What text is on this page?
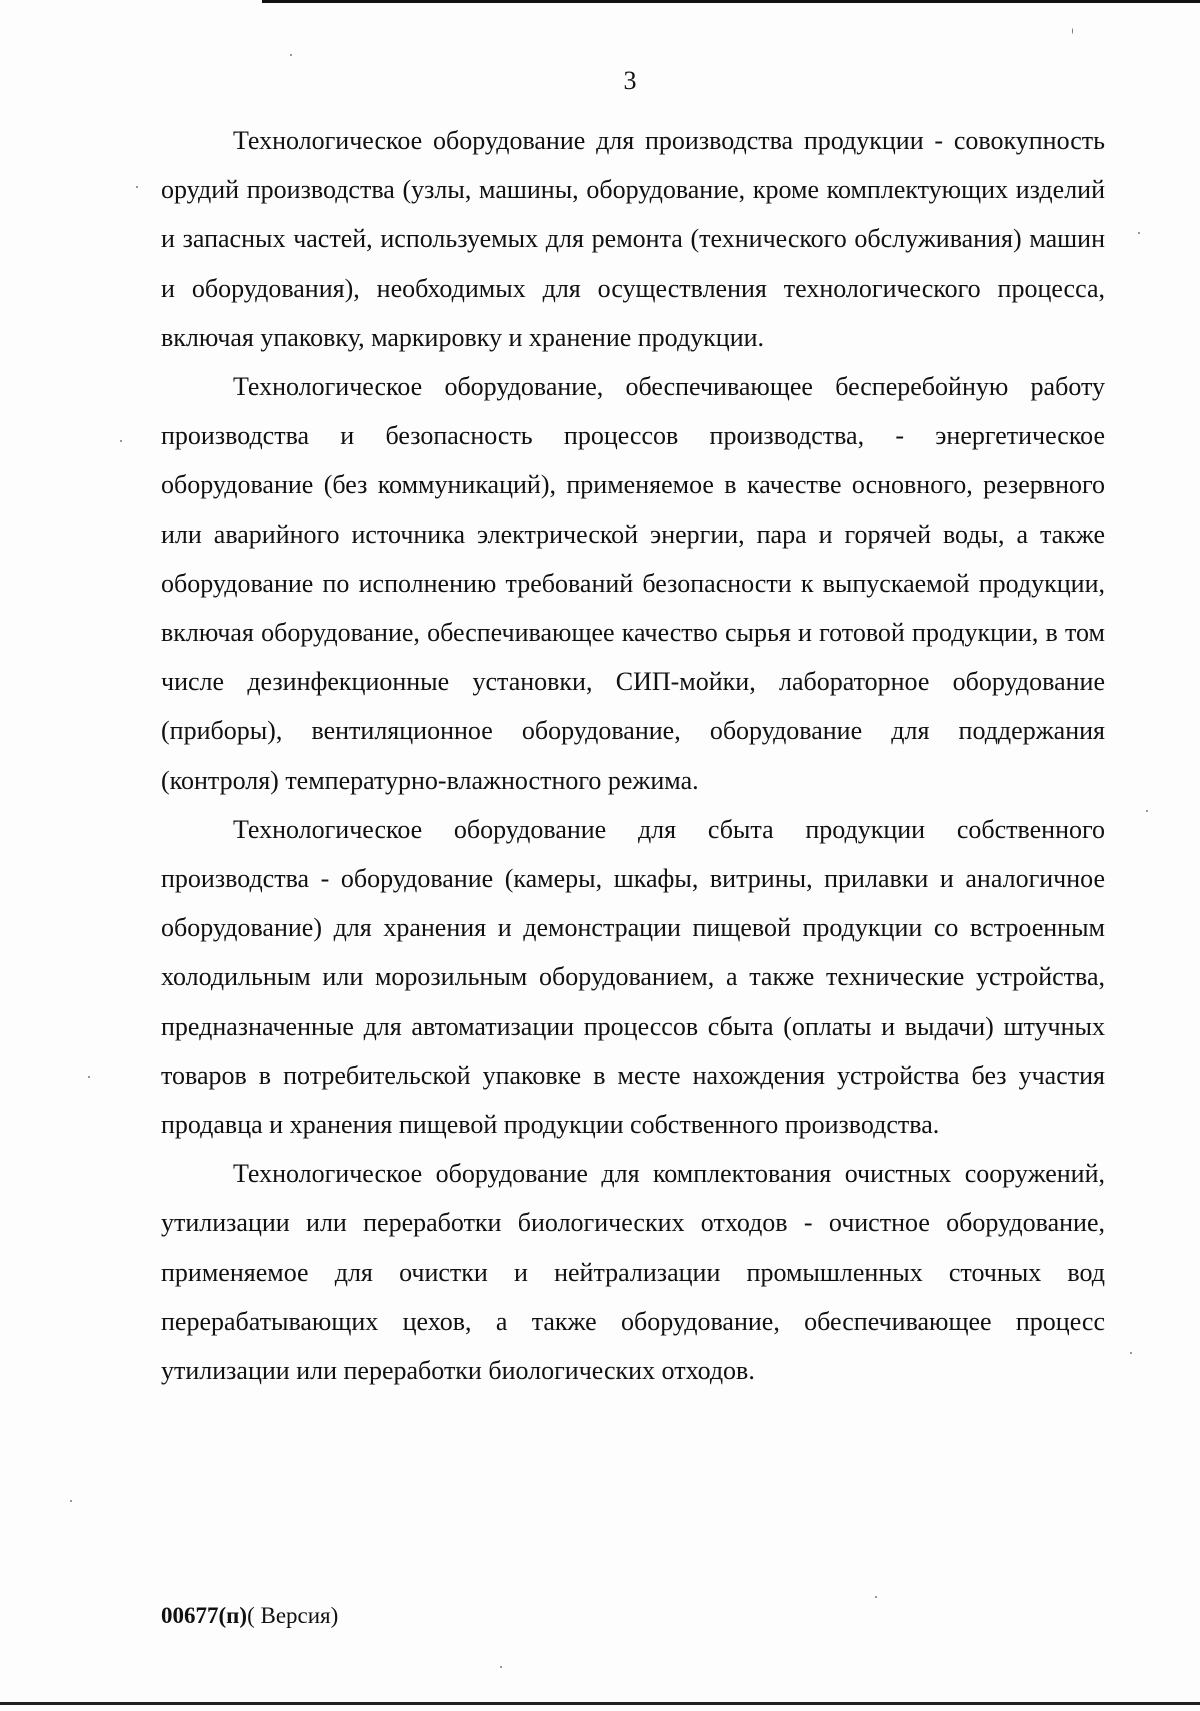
3

Технологическое оборудование для производства продукции - совокупность орудий производства (узлы, машины, оборудование, кроме комплектующих изделий и запасных частей, используемых для ремонта (технического обслуживания) машин и оборудования), необходимых для осуществления технологического процесса, включая упаковку, маркировку и хранение продукции.

Технологическое оборудование, обеспечивающее бесперебойную работу производства и безопасность процессов производства, - энергетическое оборудование (без коммуникаций), применяемое в качестве основного, резервного или аварийного источника электрической энергии, пара и горячей воды, а также оборудование по исполнению требований безопасности к выпускаемой продукции, включая оборудование, обеспечивающее качество сырья и готовой продукции, в том числе дезинфекционные установки, СИП-мойки, лабораторное оборудование (приборы), вентиляционное оборудование, оборудование для поддержания (контроля) температурно-влажностного режима.

Технологическое оборудование для сбыта продукции собственного производства - оборудование (камеры, шкафы, витрины, прилавки и аналогичное оборудование) для хранения и демонстрации пищевой продукции со встроенным холодильным или морозильным оборудованием, а также технические устройства, предназначенные для автоматизации процессов сбыта (оплаты и выдачи) штучных товаров в потребительской упаковке в месте нахождения устройства без участия продавца и хранения пищевой продукции собственного производства.

Технологическое оборудование для комплектования очистных сооружений, утилизации или переработки биологических отходов - очистное оборудование, применяемое для очистки и нейтрализации промышленных сточных вод перерабатывающих цехов, а также оборудование, обеспечивающее процесс утилизации или переработки биологических отходов.

00677(п)( Версия)
